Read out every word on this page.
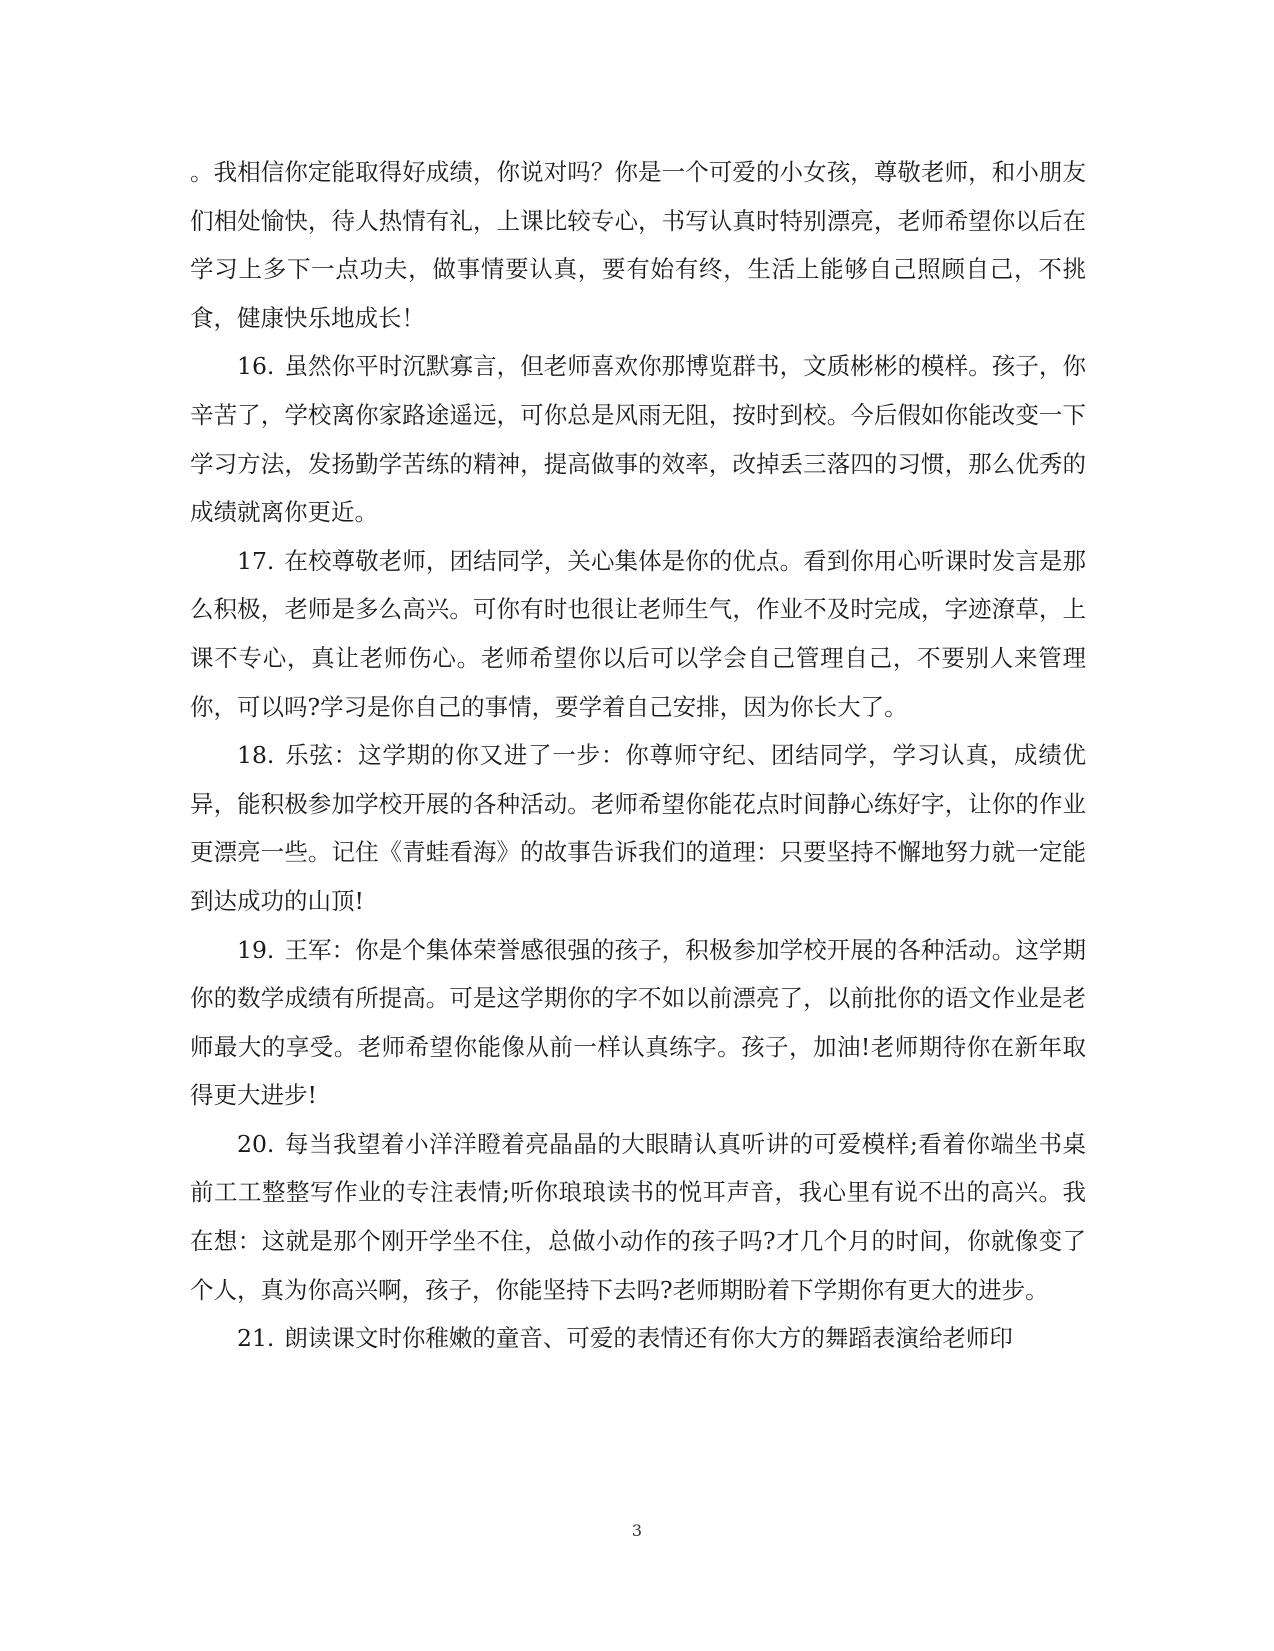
。我相信你定能取得好成绩，你说对吗？你是一个可爱的小女孩，尊敬老师，和小朋友们相处愉快，待人热情有礼，上课比较专心，书写认真时特别漂亮，老师希望你以后在学习上多下一点功夫，做事情要认真，要有始有终，生活上能够自己照顾自己，不挑食，健康快乐地成长！

16. 虽然你平时沉默寡言，但老师喜欢你那博览群书，文质彬彬的模样。孩子，你辛苦了，学校离你家路途遥远，可你总是风雨无阻，按时到校。今后假如你能改变一下学习方法，发扬勤学苦练的精神，提高做事的效率，改掉丢三落四的习惯，那么优秀的成绩就离你更近。

17. 在校尊敬老师，团结同学，关心集体是你的优点。看到你用心听课时发言是那么积极，老师是多么高兴。可你有时也很让老师生气，作业不及时完成，字迹潦草，上课不专心，真让老师伤心。老师希望你以后可以学会自己管理自己，不要别人来管理你，可以吗?学习是你自己的事情，要学着自己安排，因为你长大了。

18. 乐弦：这学期的你又进了一步：你尊师守纪、团结同学，学习认真，成绩优异，能积极参加学校开展的各种活动。老师希望你能花点时间静心练好字，让你的作业更漂亮一些。记住《青蛙看海》的故事告诉我们的道理：只要坚持不懈地努力就一定能到达成功的山顶!

19. 王军：你是个集体荣誉感很强的孩子，积极参加学校开展的各种活动。这学期你的数学成绩有所提高。可是这学期你的字不如以前漂亮了，以前批你的语文作业是老师最大的享受。老师希望你能像从前一样认真练字。孩子，加油!老师期待你在新年取得更大进步!

20. 每当我望着小洋洋瞪着亮晶晶的大眼睛认真听讲的可爱模样;看着你端坐书桌前工工整整写作业的专注表情;听你琅琅读书的悦耳声音，我心里有说不出的高兴。我在想：这就是那个刚开学坐不住，总做小动作的孩子吗?才几个月的时间，你就像变了个人，真为你高兴啊，孩子，你能坚持下去吗?老师期盼着下学期你有更大的进步。

21. 朗读课文时你稚嫩的童音、可爱的表情还有你大方的舞蹈表演给老师印

3
